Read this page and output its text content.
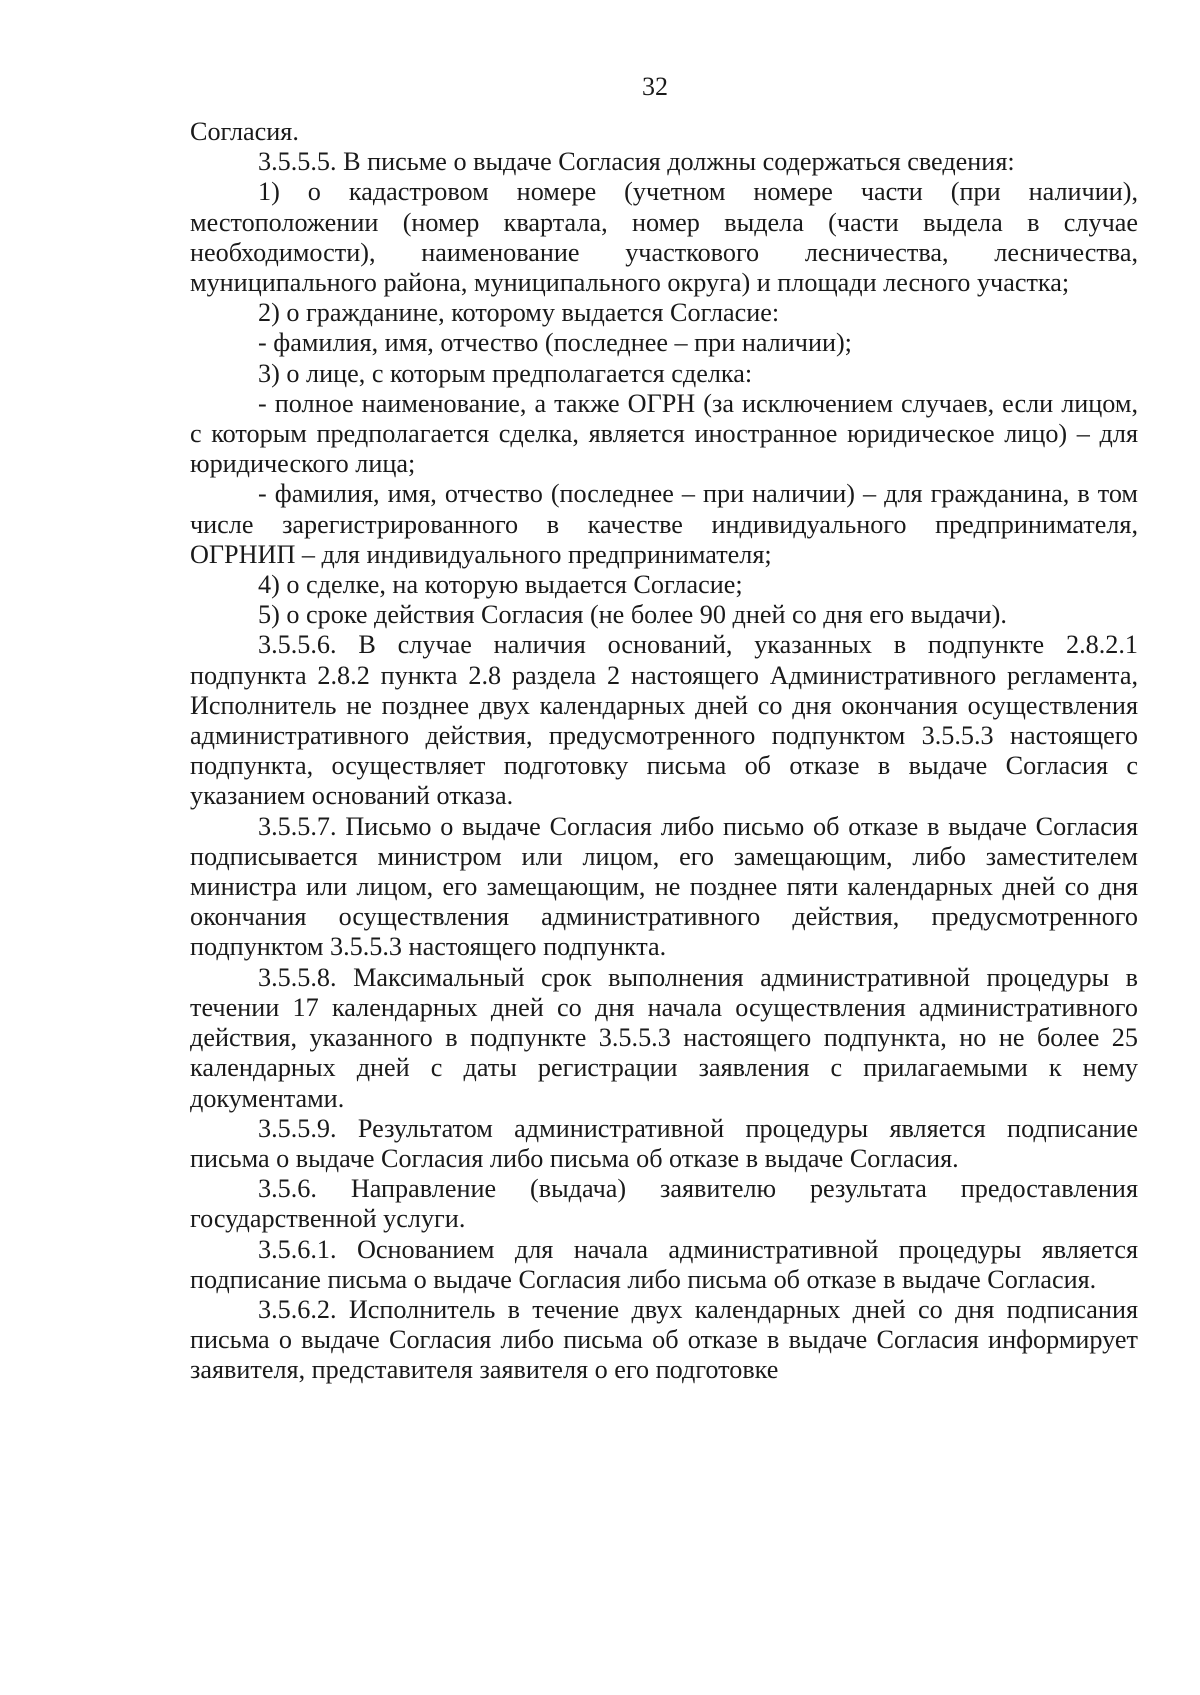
32

Согласия.

3.5.5.5. В письме о выдаче Согласия должны содержаться сведения:

1) о кадастровом номере (учетном номере части (при наличии), местоположении (номер квартала, номер выдела (части выдела в случае необходимости), наименование участкового лесничества, лесничества, муниципального района, муниципального округа) и площади лесного участка;

2) о гражданине, которому выдается Согласие:

- фамилия, имя, отчество (последнее – при наличии);

3) о лице, с которым предполагается сделка:

- полное наименование, а также ОГРН (за исключением случаев, если лицом, с которым предполагается сделка, является иностранное юридическое лицо) – для юридического лица;

- фамилия, имя, отчество (последнее – при наличии) – для гражданина, в том числе зарегистрированного в качестве индивидуального предпринимателя, ОГРНИП – для индивидуального предпринимателя;

4) о сделке, на которую выдается Согласие;

5) о сроке действия Согласия (не более 90 дней со дня его выдачи).

3.5.5.6. В случае наличия оснований, указанных в подпункте 2.8.2.1 подпункта 2.8.2 пункта 2.8 раздела 2 настоящего Административного регламента, Исполнитель не позднее двух календарных дней со дня окончания осуществления административного действия, предусмотренного подпунктом 3.5.5.3 настоящего подпункта, осуществляет подготовку письма об отказе в выдаче Согласия с указанием оснований отказа.

3.5.5.7. Письмо о выдаче Согласия либо письмо об отказе в выдаче Согласия подписывается министром или лицом, его замещающим, либо заместителем министра или лицом, его замещающим, не позднее пяти календарных дней со дня окончания осуществления административного действия, предусмотренного подпунктом 3.5.5.3 настоящего подпункта.

3.5.5.8. Максимальный срок выполнения административной процедуры в течении 17 календарных дней со дня начала осуществления административного действия, указанного в подпункте 3.5.5.3 настоящего подпункта, но не более 25 календарных дней с даты регистрации заявления с прилагаемыми к нему документами.

3.5.5.9. Результатом административной процедуры является подписание письма о выдаче Согласия либо письма об отказе в выдаче Согласия.

3.5.6. Направление (выдача) заявителю результата предоставления государственной услуги.

3.5.6.1. Основанием для начала административной процедуры является подписание письма о выдаче Согласия либо письма об отказе в выдаче Согласия.

3.5.6.2. Исполнитель в течение двух календарных дней со дня подписания письма о выдаче Согласия либо письма об отказе в выдаче Согласия информирует заявителя, представителя заявителя о его подготовке
